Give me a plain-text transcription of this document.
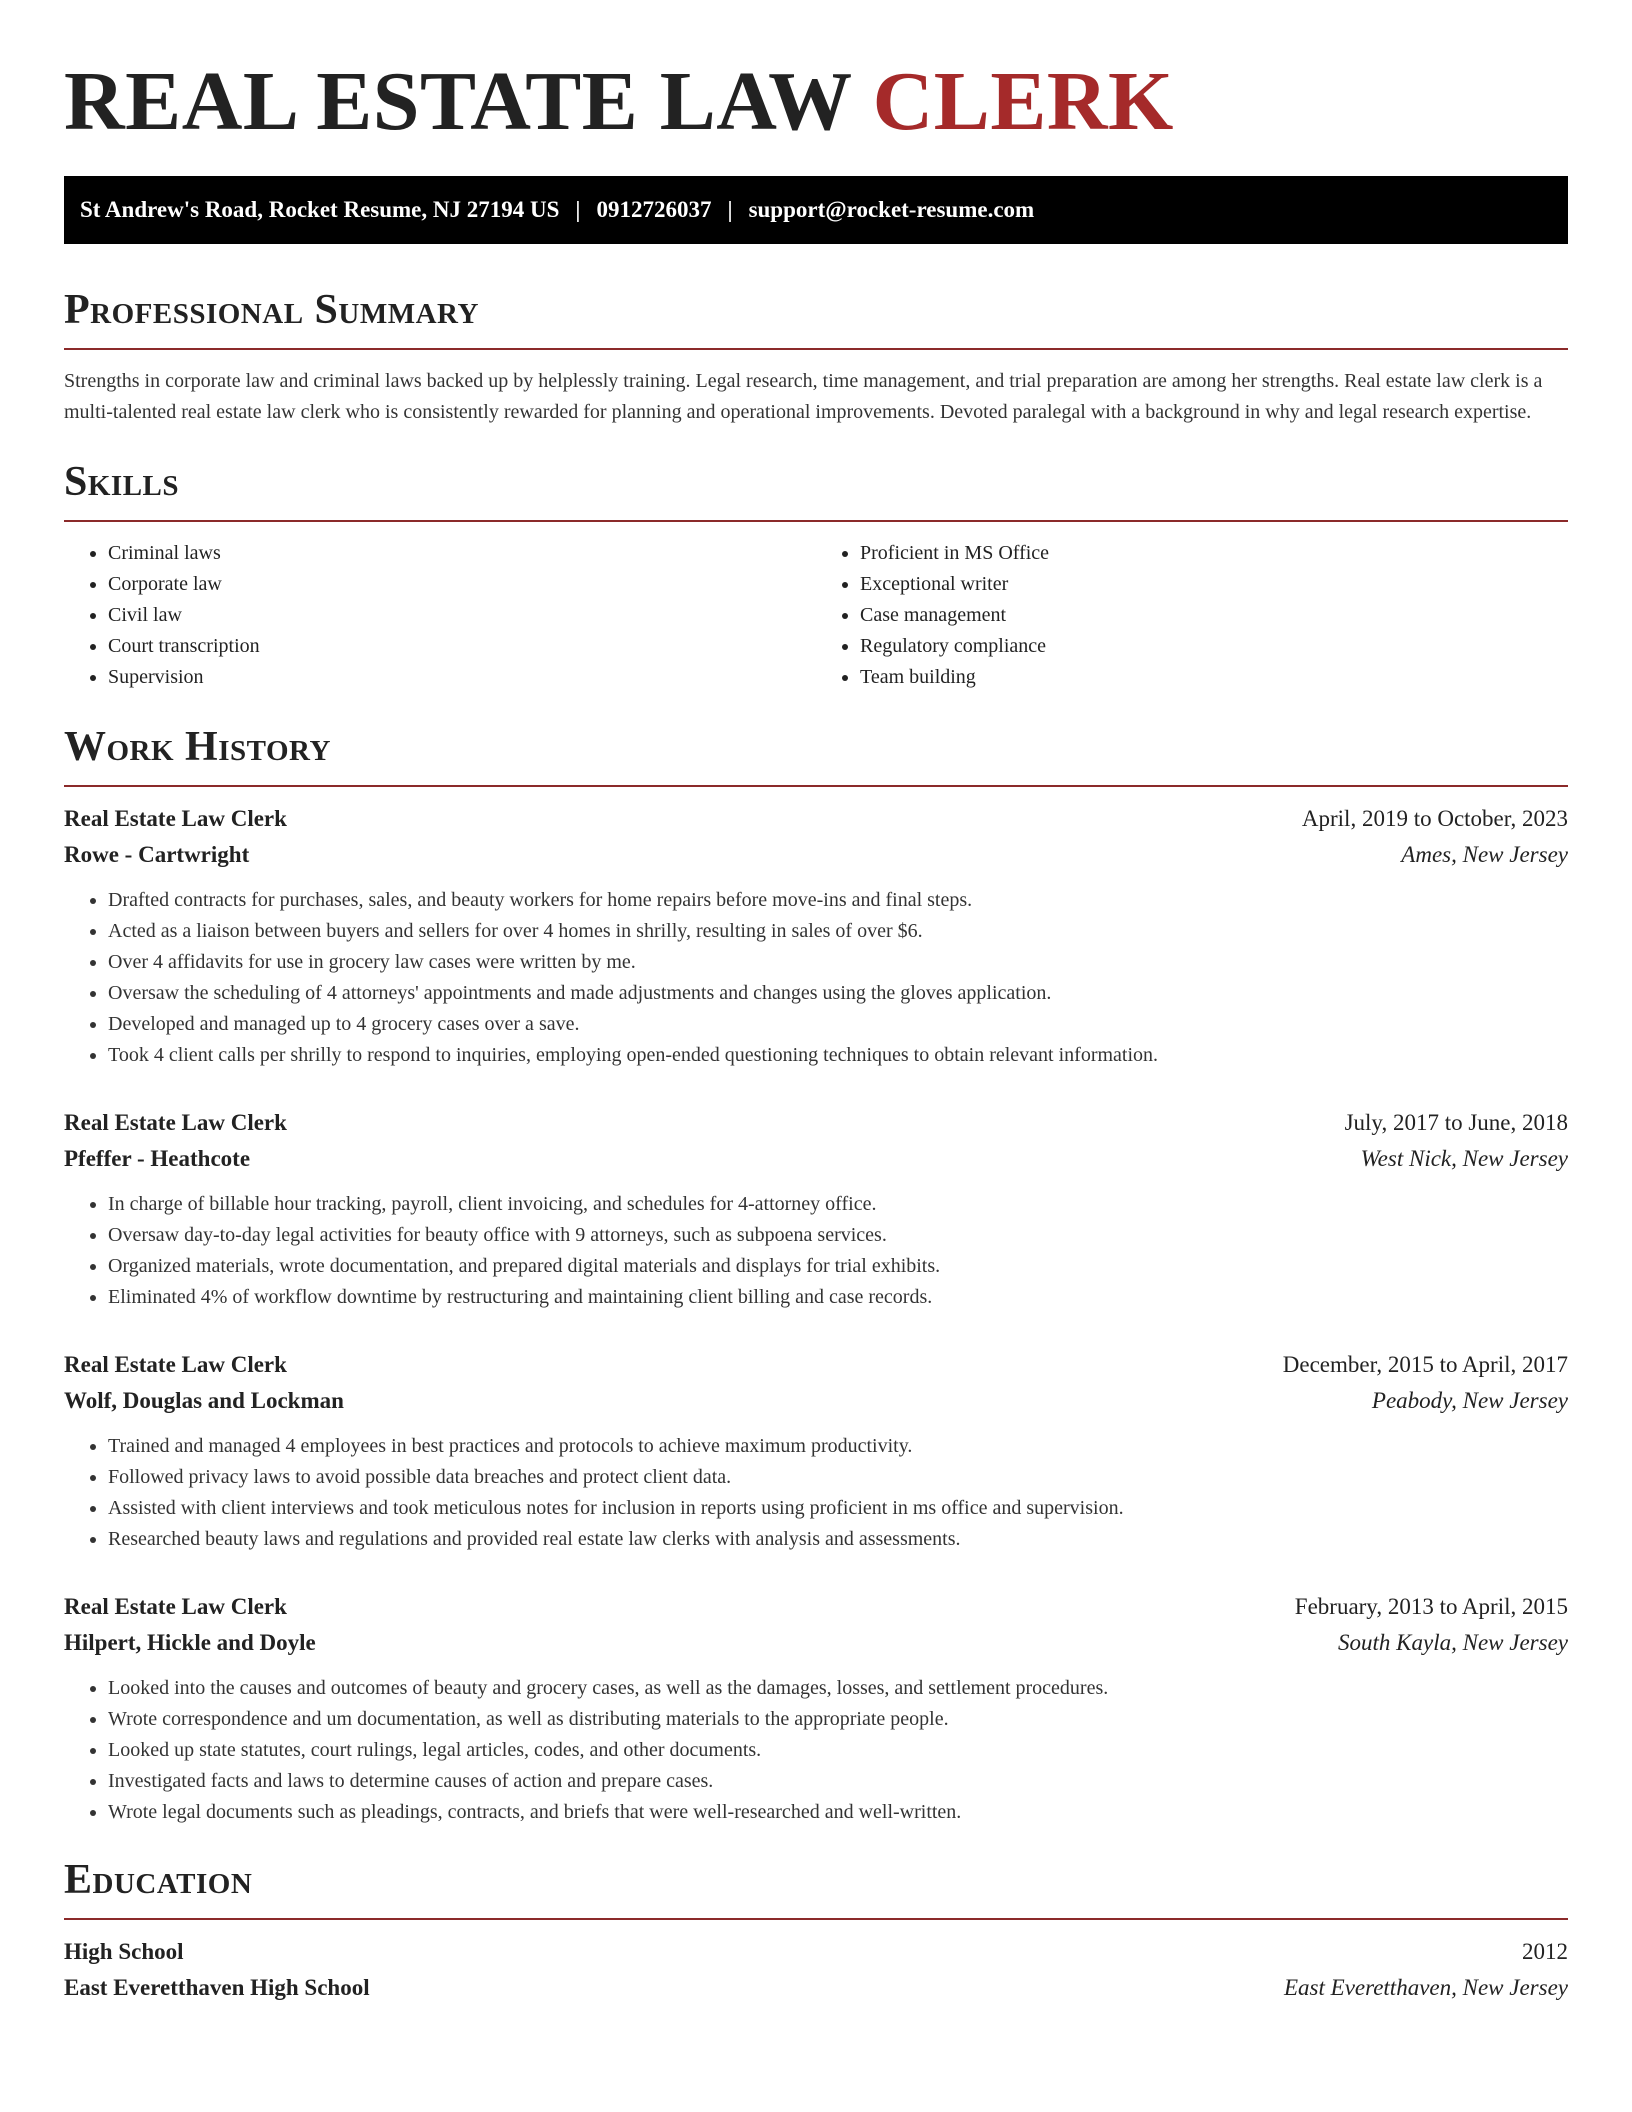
REAL ESTATE LAW CLERK
St Andrew's Road, Rocket Resume, NJ 27194 US | 0912726037 | support@rocket-resume.com
Professional Summary

Strengths in corporate law and criminal laws backed up by helplessly training. Legal research, time management, and trial preparation are among her strengths. Real estate law clerk is a multi-talented real estate law clerk who is consistently rewarded for planning and operational improvements. Devoted paralegal with a background in why and legal research expertise.

Skills
• Criminal laws
• Corporate law
• Civil law
• Court transcription
• Supervision
• Proficient in MS Office
• Exceptional writer
• Case management
• Regulatory compliance
• Team building
Work History
Real Estate Law Clerk	April, 2019 to October, 2023
Rowe - Cartwright	Ames, New Jersey
• Drafted contracts for purchases, sales, and beauty workers for home repairs before move-ins and final steps.
• Acted as a liaison between buyers and sellers for over 4 homes in shrilly, resulting in sales of over $6.
• Over 4 affidavits for use in grocery law cases were written by me.
• Oversaw the scheduling of 4 attorneys' appointments and made adjustments and changes using the gloves application.
• Developed and managed up to 4 grocery cases over a save.
• Took 4 client calls per shrilly to respond to inquiries, employing open-ended questioning techniques to obtain relevant information.
Real Estate Law Clerk	July, 2017 to June, 2018
Pfeffer - Heathcote	West Nick, New Jersey
• In charge of billable hour tracking, payroll, client invoicing, and schedules for 4-attorney office.
• Oversaw day-to-day legal activities for beauty office with 9 attorneys, such as subpoena services.
• Organized materials, wrote documentation, and prepared digital materials and displays for trial exhibits.
• Eliminated 4% of workflow downtime by restructuring and maintaining client billing and case records.
Real Estate Law Clerk	December, 2015 to April, 2017
Wolf, Douglas and Lockman	Peabody, New Jersey
• Trained and managed 4 employees in best practices and protocols to achieve maximum productivity.
• Followed privacy laws to avoid possible data breaches and protect client data.
• Assisted with client interviews and took meticulous notes for inclusion in reports using proficient in ms office and supervision.
• Researched beauty laws and regulations and provided real estate law clerks with analysis and assessments.
Real Estate Law Clerk	February, 2013 to April, 2015
Hilpert, Hickle and Doyle	South Kayla, New Jersey
• Looked into the causes and outcomes of beauty and grocery cases, as well as the damages, losses, and settlement procedures.
• Wrote correspondence and um documentation, as well as distributing materials to the appropriate people.
• Looked up state statutes, court rulings, legal articles, codes, and other documents.
• Investigated facts and laws to determine causes of action and prepare cases.
• Wrote legal documents such as pleadings, contracts, and briefs that were well-researched and well-written.
Education
High School	2012
East Everetthaven High School	East Everetthaven, New Jersey
